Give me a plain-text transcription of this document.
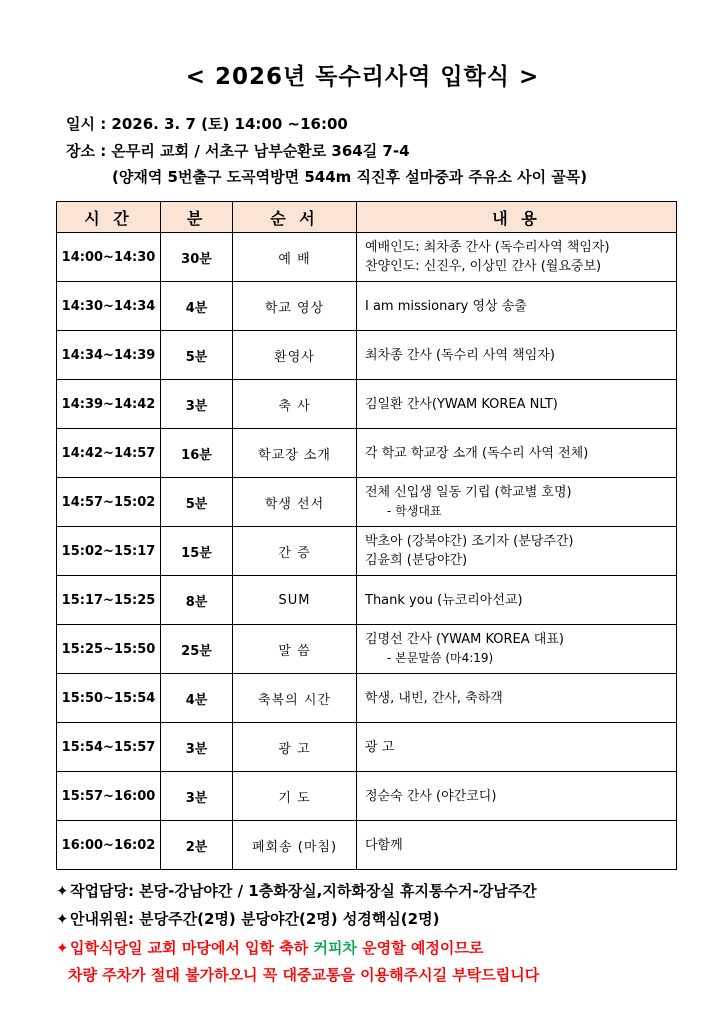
< 2026년 독수리사역 입학식 >
일시 : 2026. 3. 7 (토) 14:00 ~16:00
장소 : 온무리 교회 / 서초구 남부순환로 364길 7-4
(양재역 5번출구 도곡역방면 544m 직진후 설마중과 주유소 사이 골목)
시 간	분	순 서	내 용
14:00~14:30	30분	예 배	예배인도: 최차종 간사 (독수리사역 책임자)
찬양인도: 신진우, 이상민 간사 (월요중보)

14:30~14:34	4분	학교 영상	I am missionary 영상 송출

14:34~14:39	5분	환영사	최차종 간사 (독수리 사역 책임자)

14:39~14:42	3분	축 사	김일환 간사(YWAM KOREA NLT)

14:42~14:57	16분	학교장 소개	각 학교 학교장 소개 (독수리 사역 전체)

14:57~15:02	5분	학생 선서	전체 신입생 일동 기립 (학교별 호명)
- 학생대표

15:02~15:17	15분	간 증	박초아 (강북야간) 조기자 (분당주간)
김윤희 (분당야간)

15:17~15:25	8분	SUM	Thank you (뉴코리아선교)

15:25~15:50	25분	말 씀	김명선 간사 (YWAM KOREA 대표)
- 본문말씀 (마4:19)

15:50~15:54	4분	축복의 시간	학생, 내빈, 간사, 축하객

15:54~15:57	3분	광 고	광 고

15:57~16:00	3분	기 도	정순숙 간사 (야간코디)

16:00~16:02	2분	폐회송 (마침)	다함께
✦작업담당: 본당-강남야간 / 1층화장실,지하화장실 휴지통수거-강남주간
✦안내위원: 분당주간(2명) 분당야간(2명) 성경핵심(2명)
✦입학식당일 교회 마당에서 입학 축하 커피차 운영할 예정이므로
차량 주차가 절대 불가하오니 꼭 대중교통을 이용해주시길 부탁드립니다
